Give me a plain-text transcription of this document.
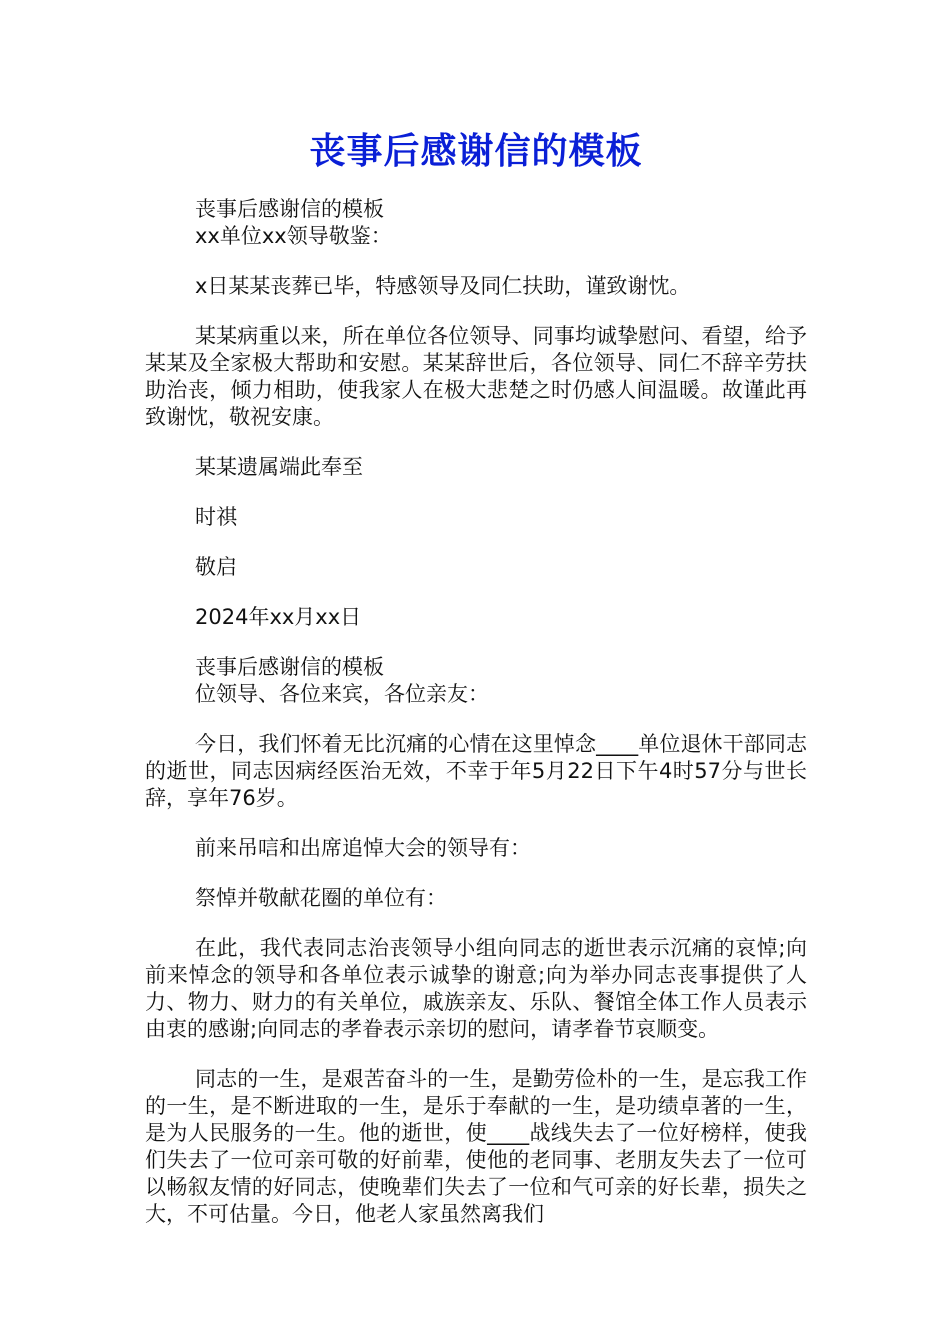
丧事后感谢信的模板

丧事后感谢信的模板

xx单位xx领导敬鉴：

x日某某丧葬已毕，特感领导及同仁扶助，谨致谢忱。

某某病重以来，所在单位各位领导、同事均诚挚慰问、看望，给予某某及全家极大帮助和安慰。某某辞世后，各位领导、同仁不辞辛劳扶助治丧，倾力相助，使我家人在极大悲楚之时仍感人间温暖。故谨此再致谢忱，敬祝安康。

某某遗属端此奉至

时祺

敬启

2024年xx月xx日

丧事后感谢信的模板

位领导、各位来宾，各位亲友：

今日，我们怀着无比沉痛的心情在这里悼念____单位退休干部同志的逝世，同志因病经医治无效，不幸于年5月22日下午4时57分与世长辞，享年76岁。

前来吊唁和出席追悼大会的领导有：

祭悼并敬献花圈的单位有：

在此，我代表同志治丧领导小组向同志的逝世表示沉痛的哀悼;向前来悼念的领导和各单位表示诚挚的谢意;向为举办同志丧事提供了人力、物力、财力的有关单位，戚族亲友、乐队、餐馆全体工作人员表示由衷的感谢;向同志的孝眷表示亲切的慰问，请孝眷节哀顺变。

同志的一生，是艰苦奋斗的一生，是勤劳俭朴的一生，是忘我工作的一生，是不断进取的一生，是乐于奉献的一生，是功绩卓著的一生，是为人民服务的一生。他的逝世，使____战线失去了一位好榜样，使我们失去了一位可亲可敬的好前辈，使他的老同事、老朋友失去了一位可以畅叙友情的好同志，使晚辈们失去了一位和气可亲的好长辈，损失之大，不可估量。今日，他老人家虽然离我们
